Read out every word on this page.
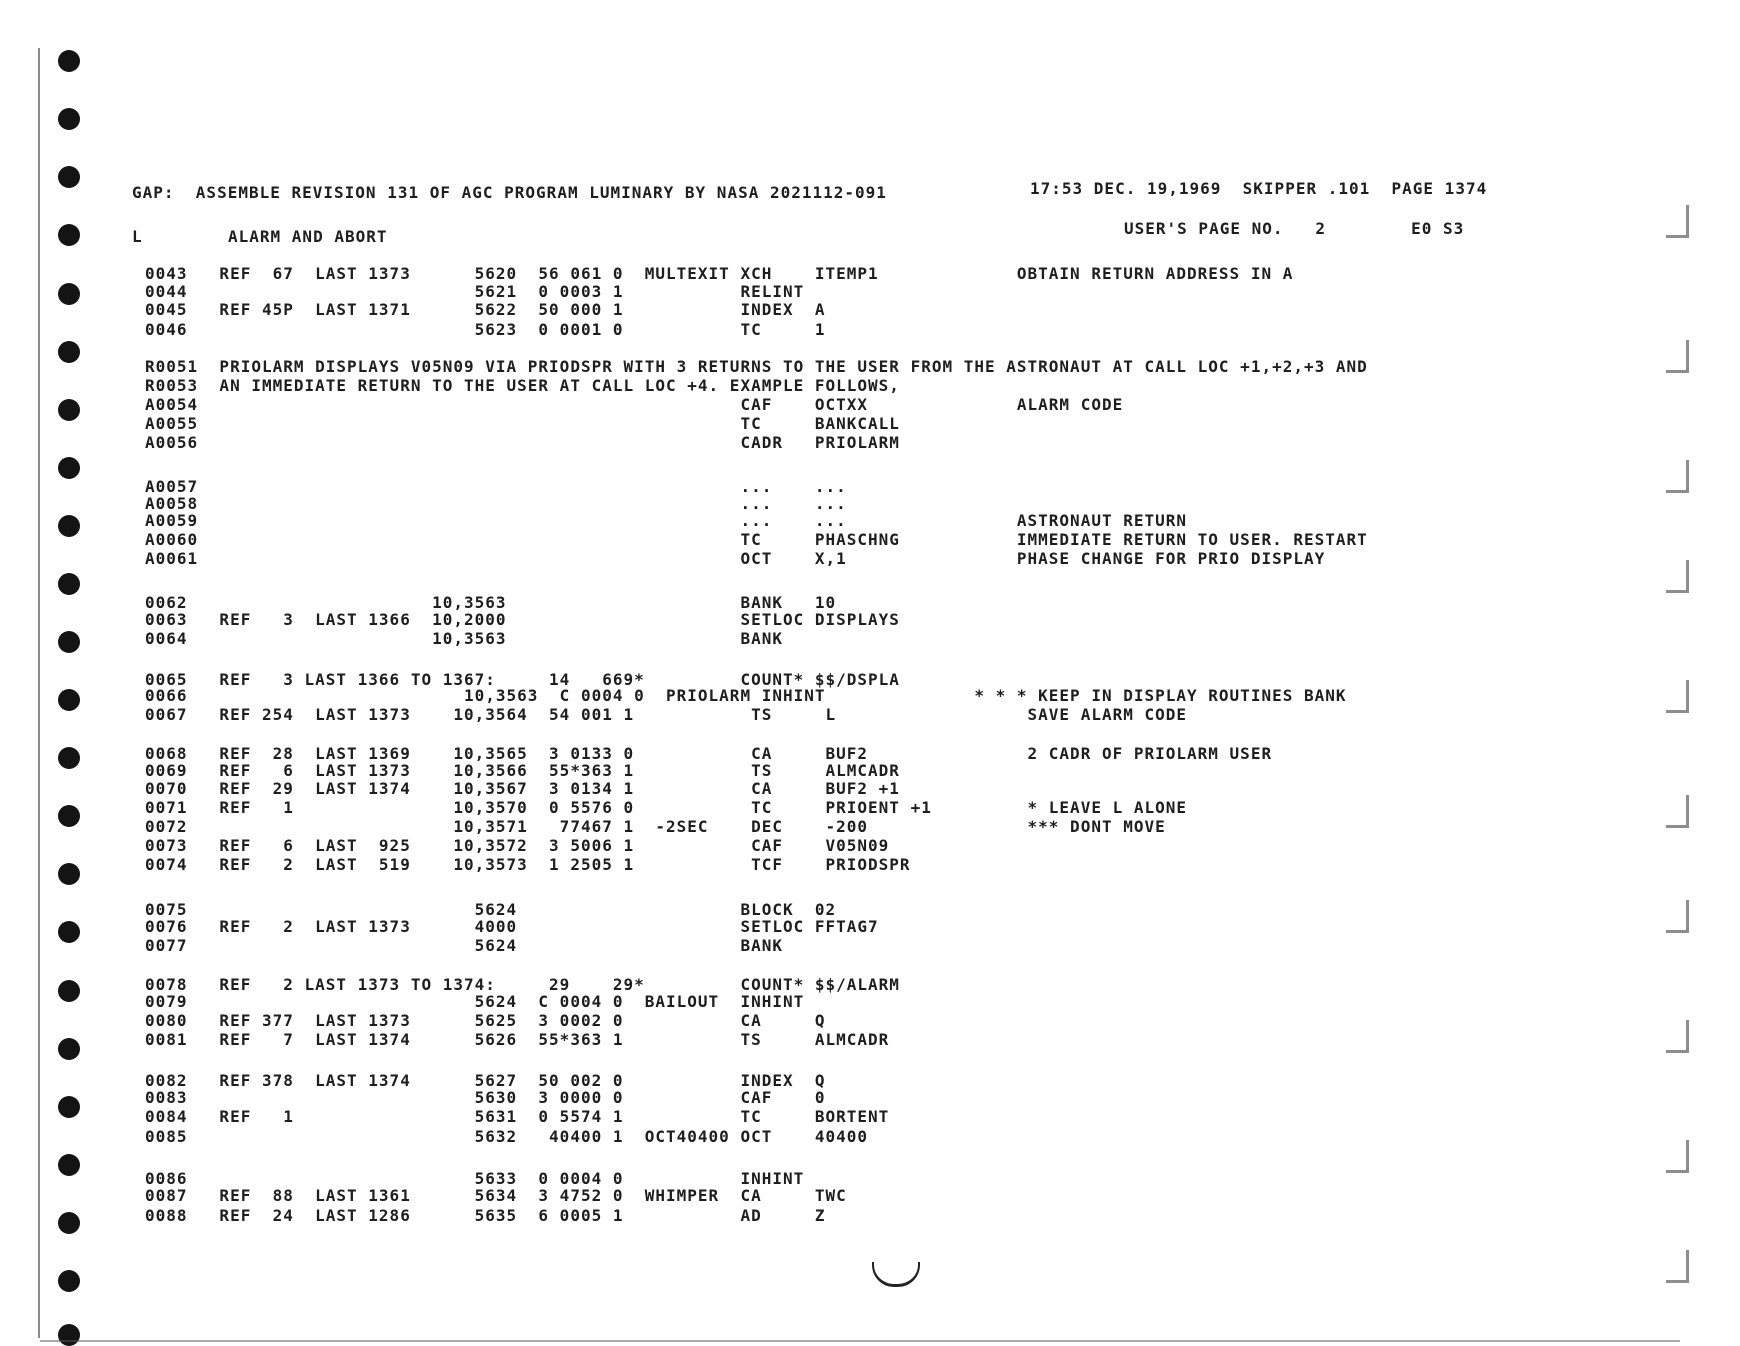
GAP:  ASSEMBLE REVISION 131 OF AGC PROGRAM LUMINARY BY NASA 2021112-091	17:53 DEC. 19,1969  SKIPPER .101  PAGE 1374
L	ALARM AND ABORT	USER'S PAGE NO.   2        E0 S3
0043   REF  67  LAST 1373      5620  56 061 0  MULTEXIT XCH    ITEMP1             OBTAIN RETURN ADDRESS IN A
0044                           5621  0 0003 1           RELINT
0045   REF 45P  LAST 1371      5622  50 000 1           INDEX  A
0046                           5623  0 0001 0           TC     1
R0051  PRIOLARM DISPLAYS V05N09 VIA PRIODSPR WITH 3 RETURNS TO THE USER FROM THE ASTRONAUT AT CALL LOC +1,+2,+3 AND
R0053  AN IMMEDIATE RETURN TO THE USER AT CALL LOC +4. EXAMPLE FOLLOWS,
A0054                                                   CAF    OCTXX              ALARM CODE
A0055                                                   TC     BANKCALL
A0056                                                   CADR   PRIOLARM
A0057                                                   ...    ...
A0058                                                   ...    ...
A0059                                                   ...    ...                ASTRONAUT RETURN
A0060                                                   TC     PHASCHNG           IMMEDIATE RETURN TO USER. RESTART
A0061                                                   OCT    X,1                PHASE CHANGE FOR PRIO DISPLAY
0062                       10,3563                      BANK   10
0063   REF   3  LAST 1366  10,2000                      SETLOC DISPLAYS
0064                       10,3563                      BANK
0065   REF   3 LAST 1366 TO 1367:     14   669*         COUNT* $$/DSPLA
0066                          10,3563  C 0004 0  PRIOLARM INHINT              * * * KEEP IN DISPLAY ROUTINES BANK
0067   REF 254  LAST 1373    10,3564  54 001 1           TS     L                  SAVE ALARM CODE
0068   REF  28  LAST 1369    10,3565  3 0133 0           CA     BUF2               2 CADR OF PRIOLARM USER
0069   REF   6  LAST 1373    10,3566  55*363 1           TS     ALMCADR
0070   REF  29  LAST 1374    10,3567  3 0134 1           CA     BUF2 +1
0071   REF   1               10,3570  0 5576 0           TC     PRIOENT +1         * LEAVE L ALONE
0072                         10,3571   77467 1  -2SEC    DEC    -200               *** DONT MOVE
0073   REF   6  LAST  925    10,3572  3 5006 1           CAF    V05N09
0074   REF   2  LAST  519    10,3573  1 2505 1           TCF    PRIODSPR
0075                           5624                     BLOCK  02
0076   REF   2  LAST 1373      4000                     SETLOC FFTAG7
0077                           5624                     BANK
0078   REF   2 LAST 1373 TO 1374:     29    29*         COUNT* $$/ALARM
0079                           5624  C 0004 0  BAILOUT  INHINT
0080   REF 377  LAST 1373      5625  3 0002 0           CA     Q
0081   REF   7  LAST 1374      5626  55*363 1           TS     ALMCADR
0082   REF 378  LAST 1374      5627  50 002 0           INDEX  Q
0083                           5630  3 0000 0           CAF    0
0084   REF   1                 5631  0 5574 1           TC     BORTENT
0085                           5632   40400 1  OCT40400 OCT    40400
0086                           5633  0 0004 0           INHINT
0087   REF  88  LAST 1361      5634  3 4752 0  WHIMPER  CA     TWC
0088   REF  24  LAST 1286      5635  6 0005 1           AD     Z
